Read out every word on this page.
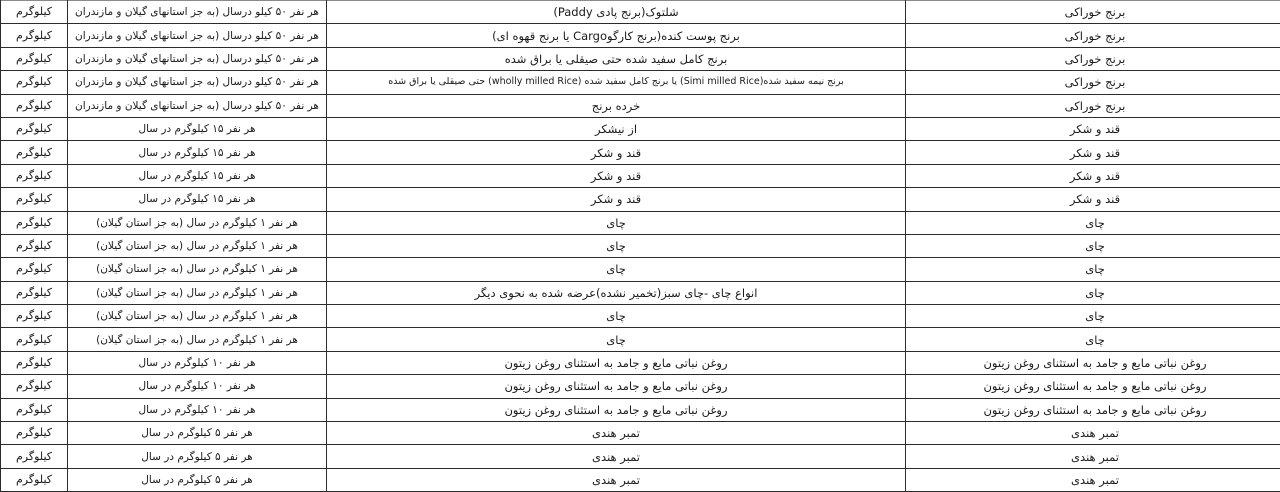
برنج خوراکی	شلتوک(برنج پادی Paddy)	هر نفر ۵۰ کیلو درسال (به جز استانهای گیلان و مازندران	کیلوگرم
برنج خوراکی	برنج پوست کنده(برنج کارگوCargo یا برنج قهوه ای)	هر نفر ۵۰ کیلو درسال (به جز استانهای گیلان و مازندران	کیلوگرم
برنج خوراکی	برنج کامل سفید شده حتی صیقلی یا براق شده	هر نفر ۵۰ کیلو درسال (به جز استانهای گیلان و مازندران	کیلوگرم
برنج خوراکی	برنج نیمه سفید شده(Simi milled Rice) یا برنج کامل سفید شده (wholly milled Rice) حتی صیقلی یا براق شده	هر نفر ۵۰ کیلو درسال (به جز استانهای گیلان و مازندران	کیلوگرم
برنج خوراکی	خرده برنج	هر نفر ۵۰ کیلو درسال (به جز استانهای گیلان و مازندران	کیلوگرم
قند و شکر	از نیشکر	هر نفر ۱۵ کیلوگرم در سال	کیلوگرم
قند و شکر	قند و شکر	هر نفر ۱۵ کیلوگرم در سال	کیلوگرم
قند و شکر	قند و شکر	هر نفر ۱۵ کیلوگرم در سال	کیلوگرم
قند و شکر	قند و شکر	هر نفر ۱۵ کیلوگرم در سال	کیلوگرم
چای	چای	هر نفر ۱ کیلوگرم در سال (به جز استان گیلان)	کیلوگرم
چای	چای	هر نفر ۱ کیلوگرم در سال (به جز استان گیلان)	کیلوگرم
چای	چای	هر نفر ۱ کیلوگرم در سال (به جز استان گیلان)	کیلوگرم
چای	انواع چای -چای سبز(تخمیر نشده)عرضه شده به نحوی دیگر	هر نفر ۱ کیلوگرم در سال (به جز استان گیلان)	کیلوگرم
چای	چای	هر نفر ۱ کیلوگرم در سال (به جز استان گیلان)	کیلوگرم
چای	چای	هر نفر ۱ کیلوگرم در سال (به جز استان گیلان)	کیلوگرم
روغن نباتی مایع و جامد به استثنای روغن زیتون	روغن نباتی مایع و جامد به استثنای روغن زیتون	هر نفر ۱۰ کیلوگرم در سال	کیلوگرم
روغن نباتی مایع و جامد به استثنای روغن زیتون	روغن نباتی مایع و جامد به استثنای روغن زیتون	هر نفر ۱۰ کیلوگرم در سال	کیلوگرم
روغن نباتی مایع و جامد به استثنای روغن زیتون	روغن نباتی مایع و جامد به استثنای روغن زیتون	هر نفر ۱۰ کیلوگرم در سال	کیلوگرم
تمبر هندی	تمبر هندی	هر نفر ۵ کیلوگرم در سال	کیلوگرم
تمبر هندی	تمبر هندی	هر نفر ۵ کیلوگرم در سال	کیلوگرم
تمبر هندی	تمبر هندی	هر نفر ۵ کیلوگرم در سال	کیلوگرم
